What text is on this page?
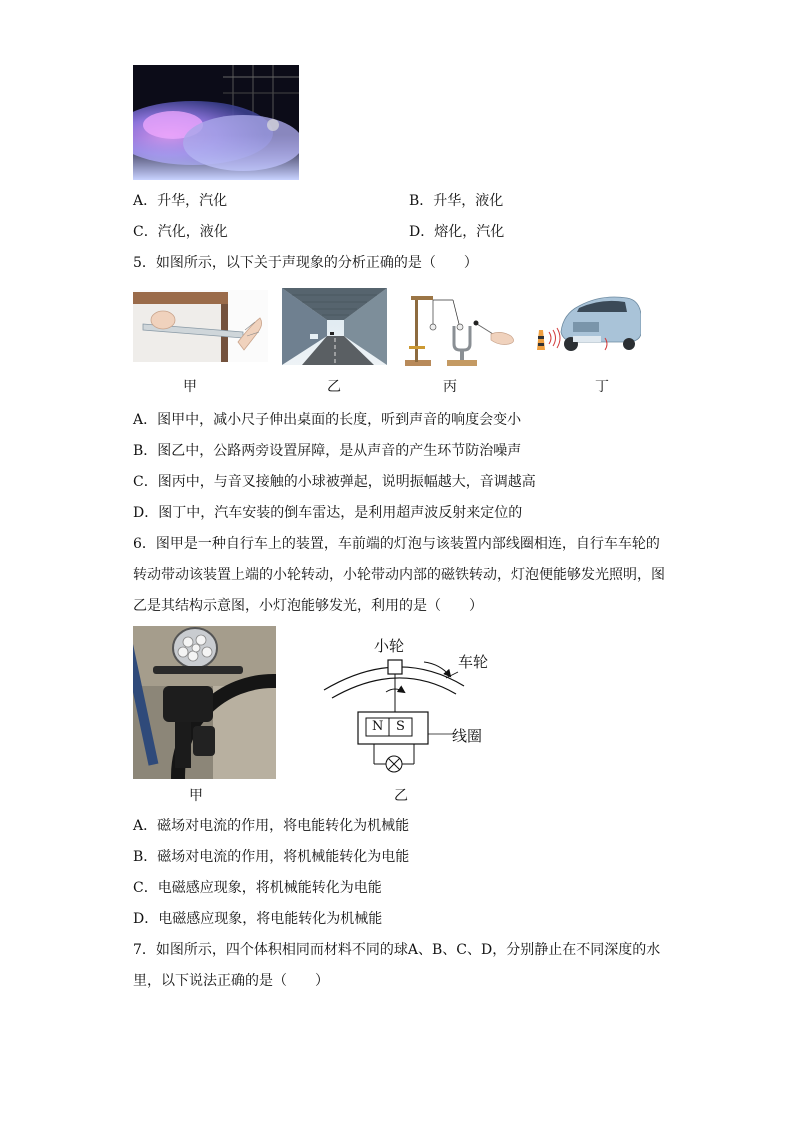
A．升华，汽化	B．升华，液化
C．汽化，液化	D．熔化，汽化
5．如图所示，以下关于声现象的分析正确的是（　　）
甲	乙	丙	丁
A．图甲中，减小尺子伸出桌面的长度，听到声音的响度会变小
B．图乙中，公路两旁设置屏障，是从声音的产生环节防治噪声
C．图丙中，与音叉接触的小球被弹起，说明振幅越大，音调越高
D．图丁中，汽车安装的倒车雷达，是利用超声波反射来定位的
6．图甲是一种自行车上的装置，车前端的灯泡与该装置内部线圈相连，自行车车轮的
转动带动该装置上端的小轮转动，小轮带动内部的磁铁转动，灯泡便能够发光照明，图
乙是其结构示意图，小灯泡能够发光，利用的是（　　）
小轮
车轮
线圈
N S
甲	乙
A．磁场对电流的作用，将电能转化为机械能
B．磁场对电流的作用，将机械能转化为电能
C．电磁感应现象，将机械能转化为电能
D．电磁感应现象，将电能转化为机械能
7．如图所示，四个体积相同而材料不同的球A、B、C、D，分别静止在不同深度的水
里，以下说法正确的是（　　）
